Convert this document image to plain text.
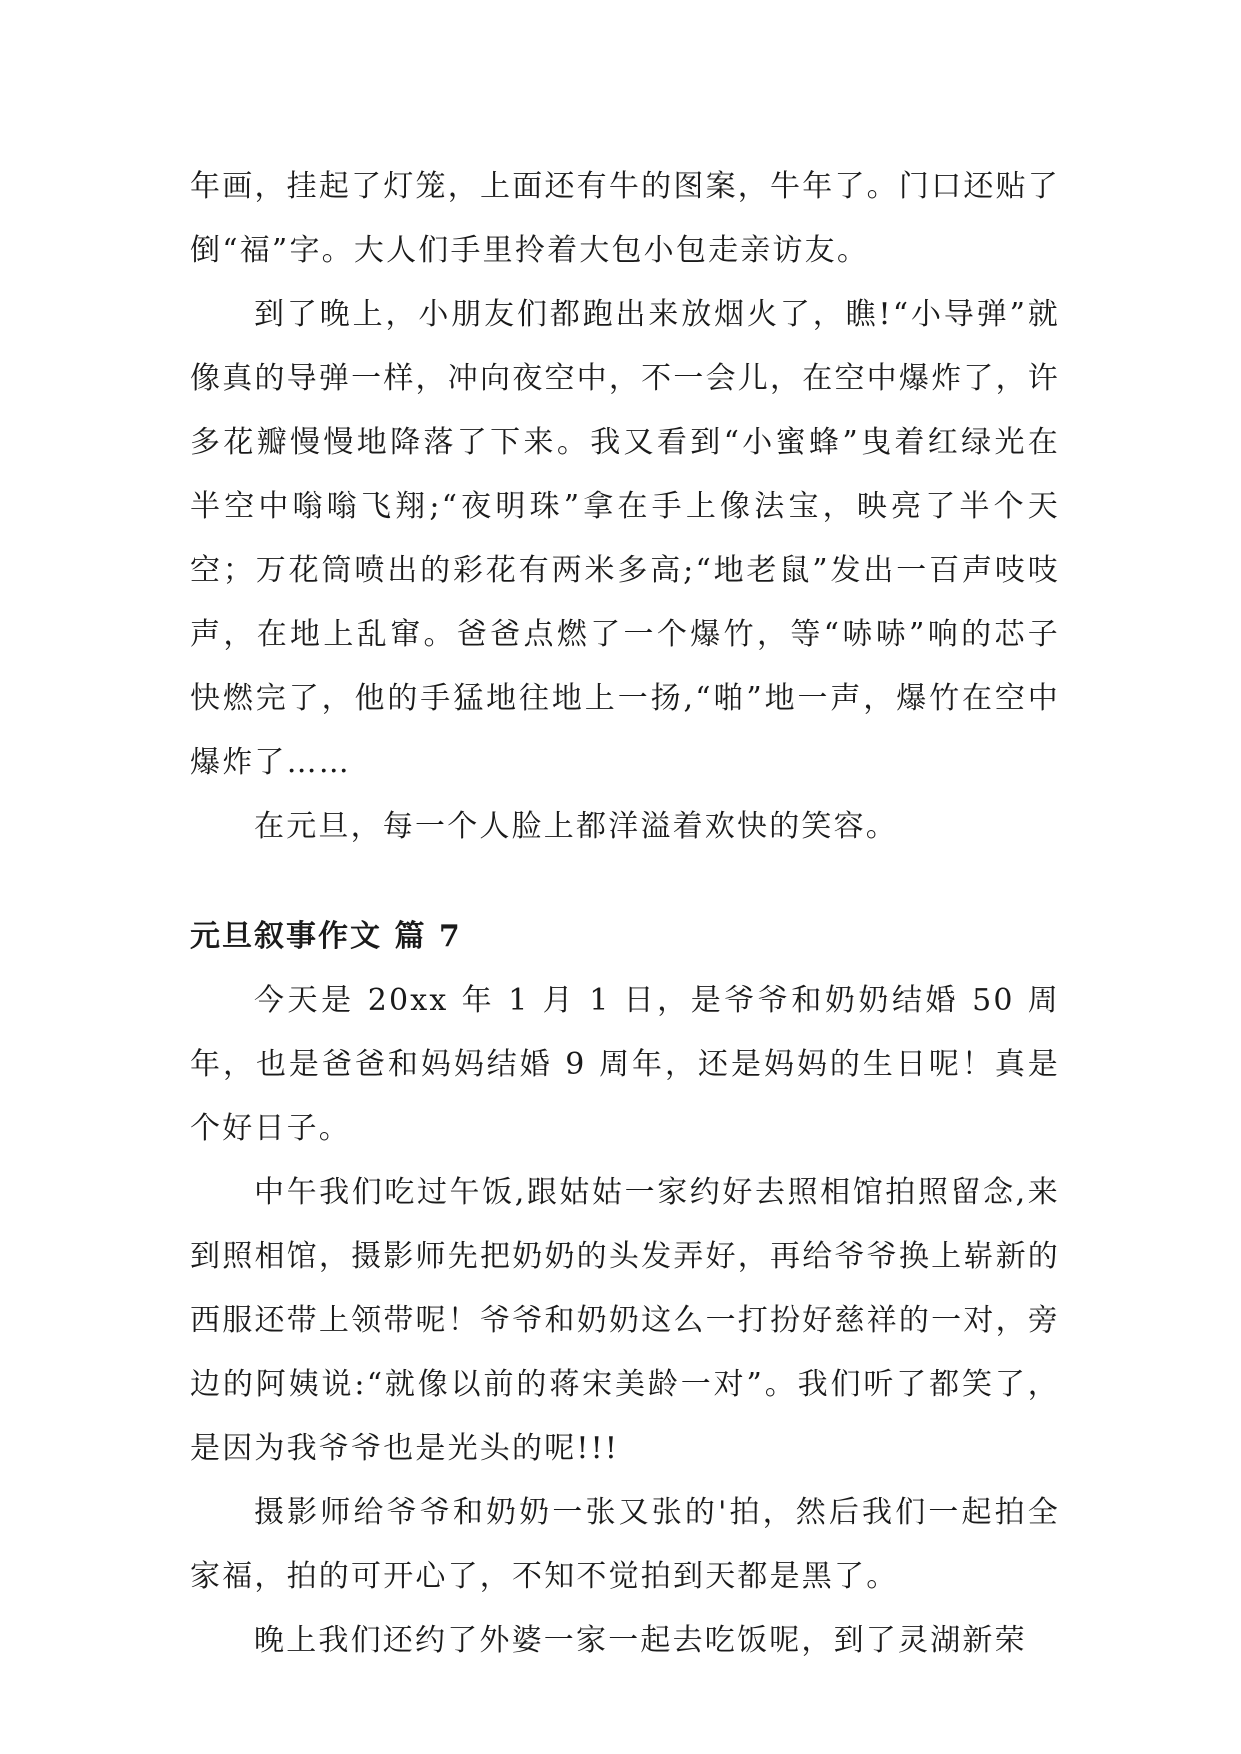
年画，挂起了灯笼，上面还有牛的图案，牛年了。门口还贴了倒“福”字。大人们手里拎着大包小包走亲访友。

到了晚上，小朋友们都跑出来放烟火了，瞧!“小导弹”就像真的导弹一样，冲向夜空中，不一会儿，在空中爆炸了，许多花瓣慢慢地降落了下来。我又看到“小蜜蜂”曳着红绿光在半空中嗡嗡飞翔;“夜明珠”拿在手上像法宝，映亮了半个天空；万花筒喷出的彩花有两米多高;“地老鼠”发出一百声吱吱声，在地上乱窜。爸爸点燃了一个爆竹，等“哧哧”响的芯子快燃完了，他的手猛地往地上一扬,“啪”地一声，爆竹在空中爆炸了……

在元旦，每一个人脸上都洋溢着欢快的笑容。

元旦叙事作文 篇 7

今天是 20xx 年 1 月 1 日，是爷爷和奶奶结婚 50 周年，也是爸爸和妈妈结婚 9 周年，还是妈妈的生日呢！真是个好日子。

中午我们吃过午饭,跟姑姑一家约好去照相馆拍照留念,来到照相馆，摄影师先把奶奶的头发弄好，再给爷爷换上崭新的西服还带上领带呢！爷爷和奶奶这么一打扮好慈祥的一对，旁边的阿姨说:“就像以前的蒋宋美龄一对”。我们听了都笑了，是因为我爷爷也是光头的呢!!!

摄影师给爷爷和奶奶一张又张的'拍，然后我们一起拍全家福，拍的可开心了，不知不觉拍到天都是黑了。

晚上我们还约了外婆一家一起去吃饭呢，到了灵湖新荣
